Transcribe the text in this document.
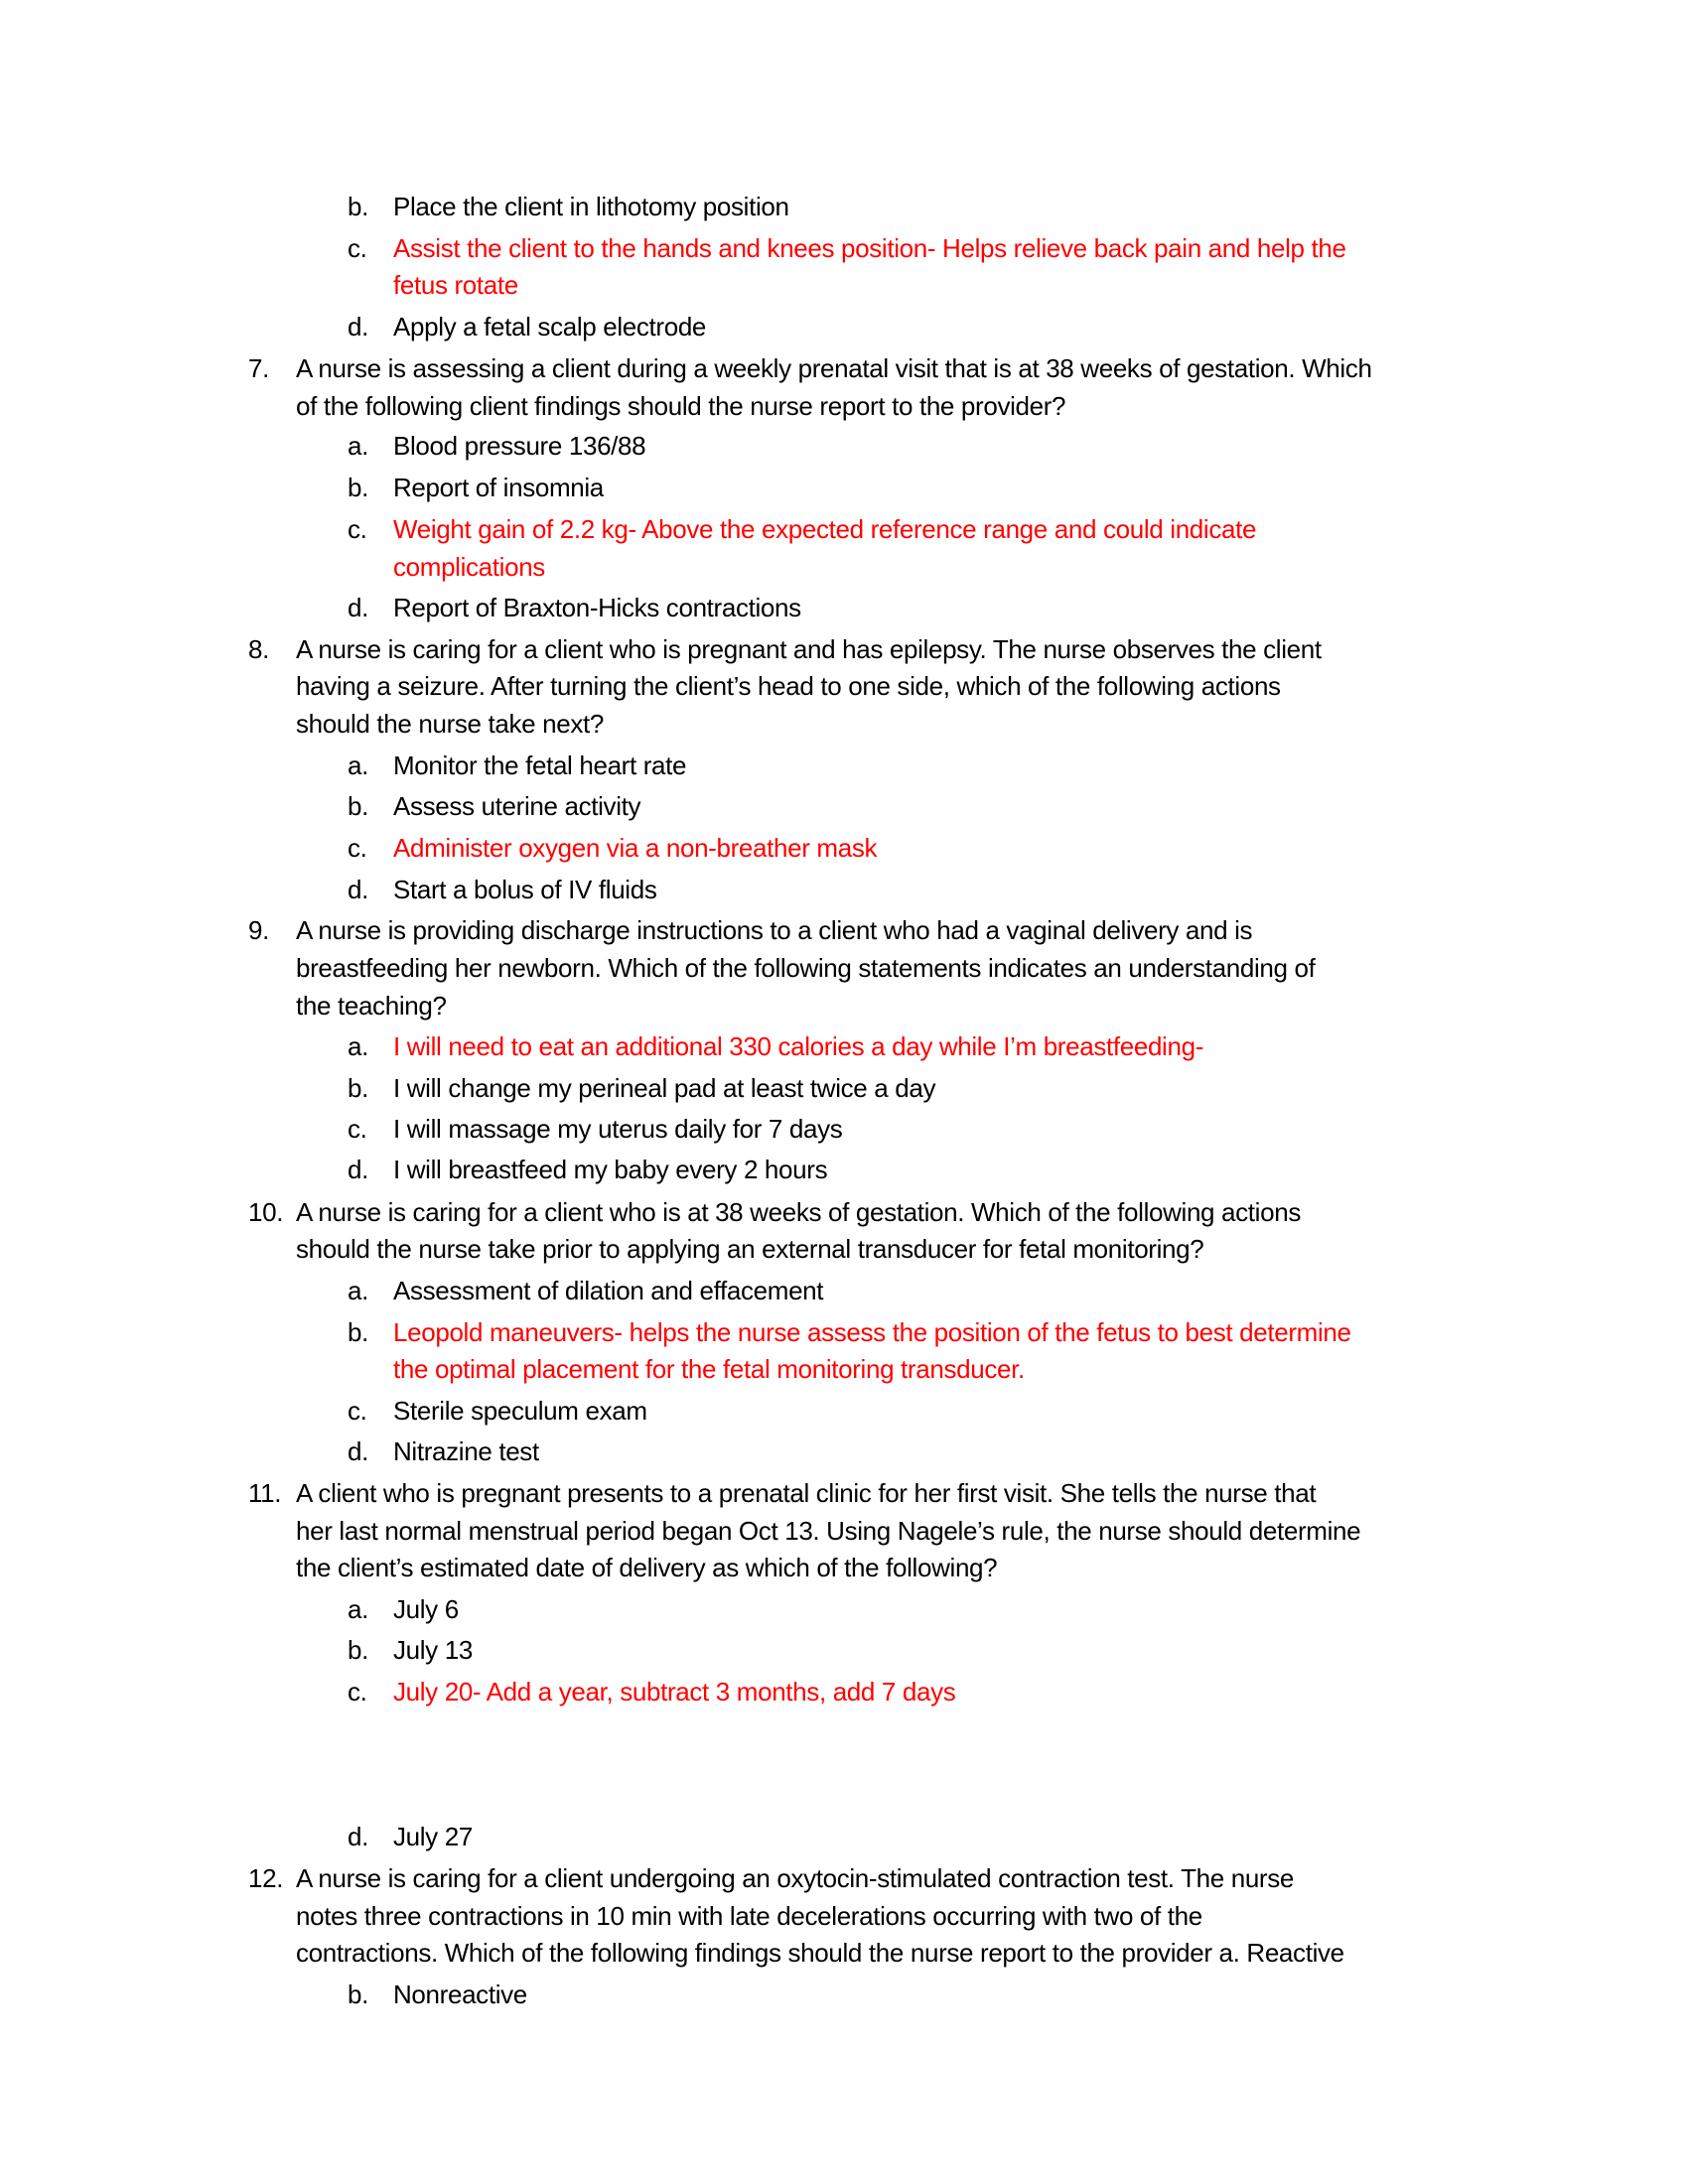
b. Place the client in lithotomy position
c. Assist the client to the hands and knees position- Helps relieve back pain and help the
fetus rotate
d. Apply a fetal scalp electrode
7. A nurse is assessing a client during a weekly prenatal visit that is at 38 weeks of gestation. Which
of the following client findings should the nurse report to the provider?
a. Blood pressure 136/88
b. Report of insomnia
c. Weight gain of 2.2 kg- Above the expected reference range and could indicate
complications
d. Report of Braxton-Hicks contractions
8. A nurse is caring for a client who is pregnant and has epilepsy. The nurse observes the client
having a seizure. After turning the client’s head to one side, which of the following actions
should the nurse take next?
a. Monitor the fetal heart rate
b. Assess uterine activity
c. Administer oxygen via a non-breather mask
d. Start a bolus of IV fluids
9. A nurse is providing discharge instructions to a client who had a vaginal delivery and is
breastfeeding her newborn. Which of the following statements indicates an understanding of
the teaching?
a. I will need to eat an additional 330 calories a day while I’m breastfeeding-
b. I will change my perineal pad at least twice a day
c. I will massage my uterus daily for 7 days
d. I will breastfeed my baby every 2 hours
10. A nurse is caring for a client who is at 38 weeks of gestation. Which of the following actions
should the nurse take prior to applying an external transducer for fetal monitoring?
a. Assessment of dilation and effacement
b. Leopold maneuvers- helps the nurse assess the position of the fetus to best determine
the optimal placement for the fetal monitoring transducer.
c. Sterile speculum exam
d. Nitrazine test
11. A client who is pregnant presents to a prenatal clinic for her first visit. She tells the nurse that
her last normal menstrual period began Oct 13. Using Nagele’s rule, the nurse should determine
the client’s estimated date of delivery as which of the following?
a. July 6
b. July 13
c. July 20- Add a year, subtract 3 months, add 7 days
d. July 27
12. A nurse is caring for a client undergoing an oxytocin-stimulated contraction test. The nurse
notes three contractions in 10 min with late decelerations occurring with two of the
contractions. Which of the following findings should the nurse report to the provider a. Reactive
b. Nonreactive
